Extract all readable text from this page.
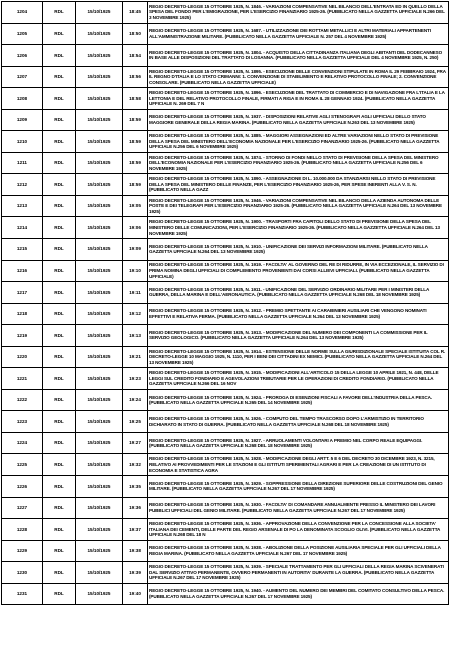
1204	RDL	15/10/1925	18:45	REGIO DECRETO-LEGGE 15 OTTOBRE 1925, N. 1846. - VARIAZIONI COMPENSATIVE NEL BILANCIO DELL'ENTRATA ED IN QUELLO DELLA SPESA DEL FONDO PER L'EMIGRAZIONE, PER L'ESERCIZIO FINANZIARIO 1925-26. (PUBBLICATO NELLA GAZZETTA UFFICIALE N.266 DEL 3 NOVEMBRE 1925)

1205	RDL	15/10/1925	18:50	REGIO DECRETO-LEGGE 15 OTTOBRE 1925, N. 1687. - UTILIZZAZIONE DEI ROTTAMI METALLICI E ALTRI MATERIALI APPARTENENTI ALL'AMMINISTRAZIONE MILITARE. (PUBBLICATO NELLA GAZZETTA UFFICIALE N. 257 DEL 4 NOVEMBRE 1925)

1206	RDL	15/10/1925	18:54	REGIO DECRETO-LEGGE 15 OTTOBRE 1925, N. 1804. - ACQUISTO DELLA CITTADINANZA ITALIANA DEGLI ABITANTI DEL DODECANNESO IN BASE ALLE DISPOSIZIONI DEL TRATTATO DI LOSANNA. (PUBBLICATO NELLA GAZZETTA UFFICIALE DEL 4 NOVEMBRE 1925, N. 250)

1207	RDL	15/10/1925	18:56	REGIO DECRETO-LEGGE 15 OTTOBRE 1925, N. 1895. - ESECUZIONE DELLE CONVENZIONI STIPULATE IN ROMA IL 29 FEBBRAIO 1924, FRA IL REGNO D'ITALIA E LO STATO CRIMANNI: 1. CONVENZIONE DI STABILIMENTO E RELATIVO PROTOCOLLO FINALE; 2. CONVENZIONE CONSOLARE. (PUBBLICATO NELLA GAZZETTA UFFICIALE)

1208	RDL	15/10/1925	18:58	REGIO DECRETO-LEGGE 15 OTTOBRE 1925, N. 1896. - ESECUZIONE DEL TRATTATO DI COMMERCIO E DI NAVIGAZIONE FRA L'ITALIA E LA LETTONIA E DEL RELATIVO PROTOCOLLO FINALE, FIRMATI A RIGA E IN ROMA IL 28 GENNAIO 1924. (PUBBLICATO NELLA GAZZETTA UFFICIALE N. 269 DEL 7 N

1209	RDL	15/10/1925	18:59	REGIO DECRETO-LEGGE 15 OTTOBRE 1925, N. 1937. - DISPOSIZIONI RELATIVE AGLI STENOGRAFI AGLI UFFICIALI DELLO STATO MAGGIORE GENERALE DELLA REGIA MARINA. (PUBBLICATO NELLA GAZZETTA UFFICIALE N.263 DEL 13 NOVEMBRE 1925)

1210	RDL	15/10/1925	18:59	REGIO DECRETO-LEGGE 15 OTTOBRE 1925, N. 1885. - MAGGIORI ASSEGNAZIONI ED ALTRE VARIAZIONI NELLO STATO DI PREVISIONE DELLA SPESA DEL MINISTERO DELL'ECONOMIA NAZIONALE PER L'ESERCIZIO FINANZIARIO 1925-26. (PUBBLICATO NELLA GAZZETTA UFFICIALE N.256 DEL 6 NOVEMBRE 1925)

1211	RDL	15/10/1925	18:59	REGIO DECRETO-LEGGE 15 OTTOBRE 1925, N. 1874. - STORNO DI FONDI NELLO STATO DI PREVISIONE DELLA SPESA DEL MINISTERO DELL'ECONOMIA NAZIONALE PER L'ESERCIZIO FINANZIARIO 1925-26. (PUBBLICATO NELLA GAZZETTA UFFICIALE N.256 DEL 6 NOVEMBRE 1925)

1212	RDL	15/10/1925	18:59	REGIO DECRETO-LEGGE 15 OTTOBRE 1925, N. 1890. - ASSEGNAZIONE DI L. 10.000.000 DA STANZIARSI NELLO STATO DI PREVISIONE DELLA SPESA DEL MINISTERO DELLE FINANZE, PER L'ESERCIZIO FINANZIARIO 1925-26, PER SPESE INERENTI ALLA V. S. N. (PUBBLICATO NELLA GAZZ

1213	RDL	15/10/1925	19:05	REGIO DECRETO-LEGGE 15 OTTOBRE 1925, N. 1946. - VARIAZIONI COMPENSATIVE NEL BILANCIO DELLA AZIENDA AUTONOMA DELLE POSTE E DEI TELEGRAFI PER L'ESERCIZIO FINANZIARIO 1925-26. (PUBBLICATO NELLA GAZZETTA UFFICIALE N.264 DEL 13 NOVEMBRE 1925)

1214	RDL	15/10/1925	19:06	REGIO DECRETO-LEGGE 15 OTTOBRE 1925, N. 1900. - TRASPORTI FRA CAPITOLI DELLO STATO DI PREVISIONE DELLA SPESA DEL MINISTERO DELLE COMUNICAZIONI, PER L'ESERCIZIO FINANZIARIO 1925-26. (PUBBLICATO NELLA GAZZETTA UFFICIALE N.264 DEL 13 NOVEMBRE 1925)

1215	RDL	15/10/1925	19:09	REGIO DECRETO-LEGGE 15 OTTOBRE 1925, N. 1910. - UNIFICAZIONE DEI SERVIZI INFORMAZIONI MILITARE. (PUBBLICATO NELLA GAZZETTA UFFICIALE N.264 DEL 13 NOVEMBRE 1925)

1216	RDL	15/10/1925	19:10	REGIO DECRETO-LEGGE 15 OTTOBRE 1925, N. 1919. - FACOLTA' AL GOVERNO DEL RE DI RIDURRE, IN VIA ECCEZIONALE, IL SERVIZIO DI PRIMA NOMINA DEGLI UFFICIALI DI COMPLEMENTO PROVENIENTI DAI CORSI ALLIEVI UFFICIALI. (PUBBLICATO NELLA GAZZETTA UFFICIALE)

1217	RDL	15/10/1925	19:11	REGIO DECRETO-LEGGE 15 OTTOBRE 1925, N. 1911. - UNIFICAZIONE DEL SERVIZIO ORDINARIO MILITARE PER I MINISTERI DELLA GUERRA, DELLA MARINA E DELL'AERONAUTICA. (PUBBLICATO NELLA GAZZETTA UFFICIALE N.268 DEL 18 NOVEMBRE 1925)

1218	RDL	15/10/1925	19:12	REGIO DECRETO-LEGGE 15 OTTOBRE 1925, N. 1912. - PREMIO SPETTANTE AI CARABINIERI AUSILIARI CHE VENGONO NOMINATI EFFETTIVI E RELATIVA FERMA. (PUBBLICATO NELLA GAZZETTA UFFICIALE N.264 DEL 13 NOVEMBRE 1925)

1219	RDL	15/10/1925	19:13	REGIO DECRETO-LEGGE 15 OTTOBRE 1925, N. 1913. - MODIFICAZIONE DEL NUMERO DEI COMPONENTI LA COMMISSIONE PER IL SERVIZIO GEOLOGICO. (PUBBLICATO NELLA GAZZETTA UFFICIALE N.264 DEL 13 NOVEMBRE 1925)

1220	RDL	15/10/1925	19:21	REGIO DECRETO-LEGGE 15 OTTOBRE 1925, N. 1914. - ESTENSIONE DELLE NORME SULLA GIURISDIZIONALE SPECIALE ISTITUITA COL R. DECRETO-LEGGE 10 MAGGIO 1925, N. 1110, PER I BENI DEI CITTADINI EX NEMICI. (PUBBLICATO NELLA GAZZETTA UFFICIALE N.264 DEL 13 NOVEMBRE 1925)

1221	RDL	15/10/1925	19:23	REGIO DECRETO-LEGGE 15 OTTOBRE 1925, N. 1915. - MODIFICAZIONI ALL'ARTICOLO 15 DELLA LEGGE 10 APRILE 1921, N. 448, DELLE LEGGI SUL CREDITO FONDIARIO E AGEVOLAZIONI TRIBUTARIE PER LE OPERAZIONI DI CREDITO FONDIARIO. (PUBBLICATO NELLA GAZZETTA UFFICIALE N.266 DEL 16 NOV

1222	RDL	15/10/1925	19:24	REGIO DECRETO-LEGGE 15 OTTOBRE 1925, N. 1924. - PROROGA DI ESENZIONI FISCALI A FAVORE DELL'INDUSTRIA DELLA PESCA. (PUBBLICATO NELLA GAZZETTA UFFICIALE N.265 DEL 14 NOVEMBRE 1925)

1223	RDL	15/10/1925	19:25	REGIO DECRETO-LEGGE 15 OTTOBRE 1925, N. 1926. - COMPUTO DEL TEMPO TRASCORSO DOPO L'ARMISTIZIO IN TERRITORIO DICHIARATO IN STATO DI GUERRA. (PUBBLICATO NELLA GAZZETTA UFFICIALE N.268 DEL 18 NOVEMBRE 1925)

1224	RDL	15/10/1925	19:27	REGIO DECRETO-LEGGE 15 OTTOBRE 1925, N. 1927. - ARRUOLAMENTI VOLONTARI A PREMIO NEL CORPO REALE EQUIPAGGI. (PUBBLICATO NELLA GAZZETTA UFFICIALE N.268 DEL 18 NOVEMBRE 1925)

1225	RDL	15/10/1925	19:32	REGIO DECRETO-LEGGE 15 OTTOBRE 1925, N. 1928. - MODIFICAZIONE DEGLI ARTT. 5 E 6 DEL DECRETO 30 DICEMBRE 1923, N. 3215, RELATIVO AI PROVVEDIMENTI PER LE STAZIONI E GLI ISTITUTI SPERIMENTALI AGRARI E PER LA CREAZIONE DI UN ISTITUTO DI ECONOMIA E STATISTICA AGRA

1226	RDL	15/10/1925	19:35	REGIO DECRETO-LEGGE 15 OTTOBRE 1925, N. 1929. - SOPPRESSIONE DELLA DIREZIONE SUPERIORE DELLE COSTRUZIONI DEL GENIO MILITARE. (PUBBLICATO NELLA GAZZETTA UFFICIALE N.267 DEL 17 NOVEMBRE 1925)

1227	RDL	15/10/1925	19:36	REGIO DECRETO-LEGGE 15 OTTOBRE 1925, N. 1930. - FACOLTA' DI COMANDARE ANNUALMENTE PRESSO IL MINISTERO DEI LAVORI PUBBLICI UFFICIALI DEL GENIO MILITARE. (PUBBLICATO NELLA GAZZETTA UFFICIALE N.267 DEL 17 NOVEMBRE 1925)

1228	RDL	15/10/1925	19:37	REGIO DECRETO-LEGGE 15 OTTOBRE 1925, N. 1936. - APPROVAZIONE DELLA CONVENZIONE PER LA CONCESSIONE ALLA SOCIETA' ITALIANA DEI CEMENTI, DELLE PARTE DEL REGIO ARSENALE DI PO LA DENOMINATA SCOGLIO OLIVI. (PUBBLICATO NELLA GAZZETTA UFFICIALE N.268 DEL 18 N

1229	RDL	15/10/1925	19:38	REGIO DECRETO-LEGGE 15 OTTOBRE 1925, N. 1938. - ABOLIZIONE DELLA POSIZIONE AUSILIARIA SPECIALE PER GLI UFFICIALI DELLA REGIA MARINA. (PUBBLICATO NELLA GAZZETTA UFFICIALE N.267 DEL 17 NOVEMBRE 1925)

1230	RDL	15/10/1925	19:39	REGIO DECRETO-LEGGE 15 OTTOBRE 1925, N. 1939. - SPECIALE TRATTAMENTO PER GLI UFFICIALI DELLA REGIA MARINA SCIVENERATI DAL SERVIZIO ATTIVO PERMANENTE, OVVERO PERMANENTI IN AUTORITA' DURANTE LA GUERRA. (PUBBLICATO NELLA GAZZETTA UFFICIALE N.267 DEL 17 NOVEMBRE 1925)

1231	RDL	15/10/1925	19:40	REGIO DECRETO-LEGGE 15 OTTOBRE 1925, N. 1940. - AUMENTO DEL NUMERO DEI MEMBRI DEL COMITATO CONSULTIVO DELLA PESCA. (PUBBLICATO NELLA GAZZETTA UFFICIALE N.267 DEL 17 NOVEMBRE 1925)
